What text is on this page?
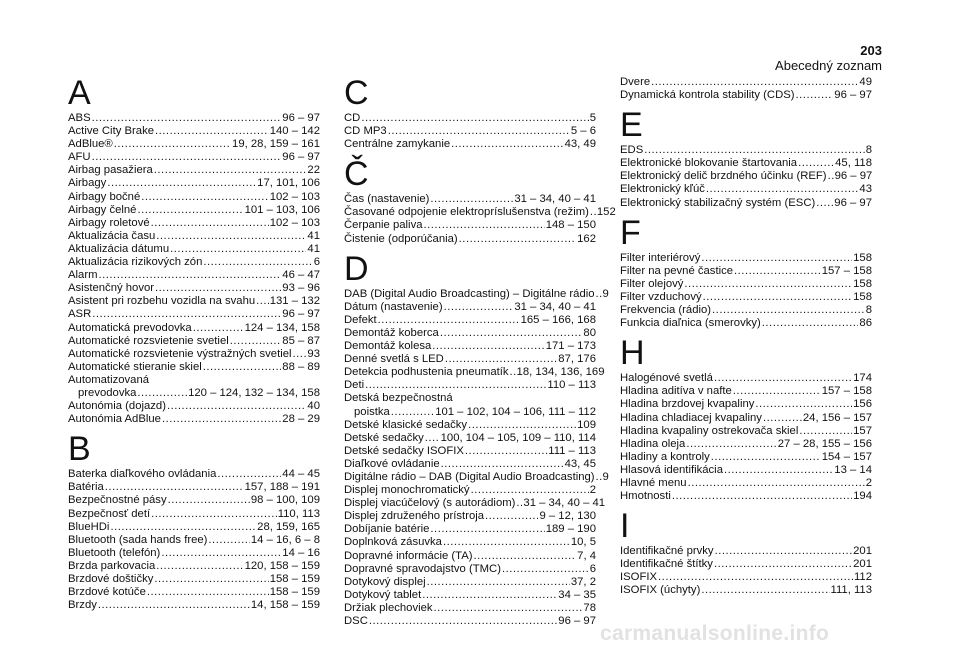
203
Abecedný zoznam
A
ABS .....	96 – 97
Active City Brake .....	140 – 142
AdBlue® .....	19, 28, 159 – 161
AFU .....	96 – 97
Airbag pasažiera .....	22
Airbagy .....	17, 101, 106
Airbagy bočné .....	102 – 103
Airbagy čelné .....	101 – 103, 106
Airbagy roletové .....	102 – 103
Aktualizácia času .....	41
Aktualizácia dátumu .....	41
Aktualizácia rizikových zón .....	6
Alarm .....	46 – 47
Asistenčný hovor .....	93 – 96
Asistent pri rozbehu vozidla na svahu ..... 131 – 132
ASR .....	96 – 97
Automatická prevodovka .....	124 – 134, 158
Automatické rozsvietenie svetiel .....	85 – 87
Automatické rozsvietenie výstražných svetiel ..... 93
Automatické stieranie skiel .....	88 – 89
Automatizovaná
prevodovka .....	120 – 124, 132 – 134, 158
Autonómia (dojazd) .....	40
Autonómia AdBlue .....	28 – 29
B
Baterka diaľkového ovládania .....	44 – 45
Batéria .....	157, 188 – 191
Bezpečnostné pásy .....	98 – 100, 109
Bezpečnosť detí .....	110, 113
BlueHDi .....	28, 159, 165
Bluetooth (sada hands free) .....	14 – 16, 6 – 8
Bluetooth (telefón) .....	14 – 16
Brzda parkovacia .....	120, 158 – 159
Brzdové doštičky .....	158 – 159
Brzdové kotúče .....	158 – 159
Brzdy .....	14, 158 – 159
C
CD .....	5
CD MP3 .....	5 – 6
Centrálne zamykanie .....	43, 49
Č
Čas (nastavenie) .....	31 – 34, 40 – 41
Časované odpojenie elektropríslušenstva (režim) ..... 152
Čerpanie paliva .....	148 – 150
Čistenie (odporúčania) .....	162
D
DAB (Digital Audio Broadcasting) – Digitálne rádio ..... 9
Dátum (nastavenie) .....	31 – 34, 40 – 41
Defekt .....	165 – 166, 168
Demontáž koberca .....	80
Demontáž kolesa .....	171 – 173
Denné svetlá s LED .....	87, 176
Detekcia podhustenia pneumatík ..... 18, 134, 136, 169
Deti .....	110 – 113
Detská bezpečnostná
poistka .....	101 – 102, 104 – 106, 111 – 112
Detské klasické sedačky .....	109
Detské sedačky ..... 100, 104 – 105, 109 – 110, 114
Detské sedačky ISOFIX .....	111 – 113
Diaľkové ovládanie .....	43, 45
Digitálne rádio – DAB (Digital Audio Broadcasting) ..... 9
Displej monochromatický .....	2
Displej viacúčelový (s autorádiom) ..... 31 – 34, 40 – 41
Displej združeného prístroja .....	9 – 12, 130
Dobíjanie batérie .....	189 – 190
Doplnková zásuvka .....	10, 5
Dopravné informácie (TA) .....	7, 4
Dopravné spravodajstvo (TMC) .....	6
Dotykový displej .....	37, 2
Dotykový tablet .....	34 – 35
Držiak plechoviek .....	78
DSC .....	96 – 97
Dvere .....	49
Dynamická kontrola stability (CDS) .....	96 – 97
E
EDS .....	8
Elektronické blokovanie štartovania .....	45, 118
Elektronický delič brzdného účinku (REF) ..... 96 – 97
Elektronický kľúč .....	43
Elektronický stabilizačný systém (ESC) ..... 96 – 97
F
Filter interiérový .....	158
Filter na pevné častice .....	157 – 158
Filter olejový .....	158
Filter vzduchový .....	158
Frekvencia (rádio) .....	8
Funkcia diaľnica (smerovky) .....	86
H
Halogénové svetlá .....	174
Hladina aditíva v nafte .....	157 – 158
Hladina brzdovej kvapaliny .....	156
Hladina chladiacej kvapaliny .....	24, 156 – 157
Hladina kvapaliny ostrekovača skiel .....	157
Hladina oleja .....	27 – 28, 155 – 156
Hladiny a kontroly .....	154 – 157
Hlasová identifikácia .....	13 – 14
Hlavné menu .....	2
Hmotnosti .....	194
I
Identifikačné prvky .....	201
Identifikačné štítky .....	201
ISOFIX .....	112
ISOFIX (úchyty) .....	111, 113
carmanualsonline.info
